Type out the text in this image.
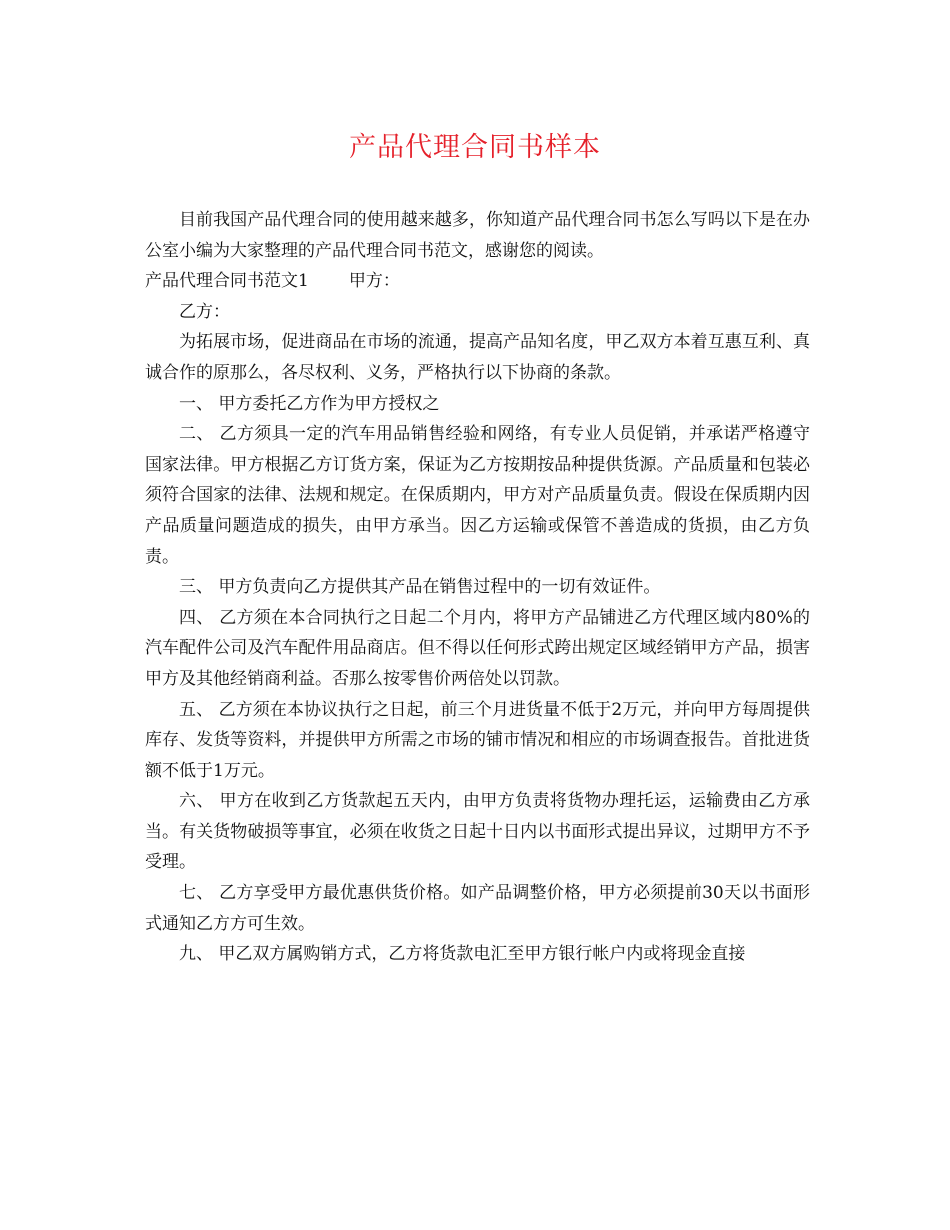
产品代理合同书样本

目前我国产品代理合同的使用越来越多，你知道产品代理合同书怎么写吗以下是在办公室小编为大家整理的产品代理合同书范文，感谢您的阅读。

产品代理合同书范文1 甲方：

乙方：

为拓展市场，促进商品在市场的流通，提高产品知名度，甲乙双方本着互惠互利、真诚合作的原那么，各尽权利、义务，严格执行以下协商的条款。

一、 甲方委托乙方作为甲方授权之

二、 乙方须具一定的汽车用品销售经验和网络，有专业人员促销，并承诺严格遵守国家法律。甲方根据乙方订货方案，保证为乙方按期按品种提供货源。产品质量和包装必须符合国家的法律、法规和规定。在保质期内，甲方对产品质量负责。假设在保质期内因产品质量问题造成的损失，由甲方承当。因乙方运输或保管不善造成的货损，由乙方负责。

三、 甲方负责向乙方提供其产品在销售过程中的一切有效证件。

四、 乙方须在本合同执行之日起二个月内，将甲方产品铺进乙方代理区域内80%的汽车配件公司及汽车配件用品商店。但不得以任何形式跨出规定区域经销甲方产品，损害甲方及其他经销商利益。否那么按零售价两倍处以罚款。

五、 乙方须在本协议执行之日起，前三个月进货量不低于2万元，并向甲方每周提供库存、发货等资料，并提供甲方所需之市场的铺市情况和相应的市场调查报告。首批进货额不低于1万元。

六、 甲方在收到乙方货款起五天内，由甲方负责将货物办理托运，运输费由乙方承当。有关货物破损等事宜，必须在收货之日起十日内以书面形式提出异议，过期甲方不予受理。

七、 乙方享受甲方最优惠供货价格。如产品调整价格，甲方必须提前30天以书面形式通知乙方方可生效。

九、 甲乙双方属购销方式，乙方将货款电汇至甲方银行帐户内或将现金直接
